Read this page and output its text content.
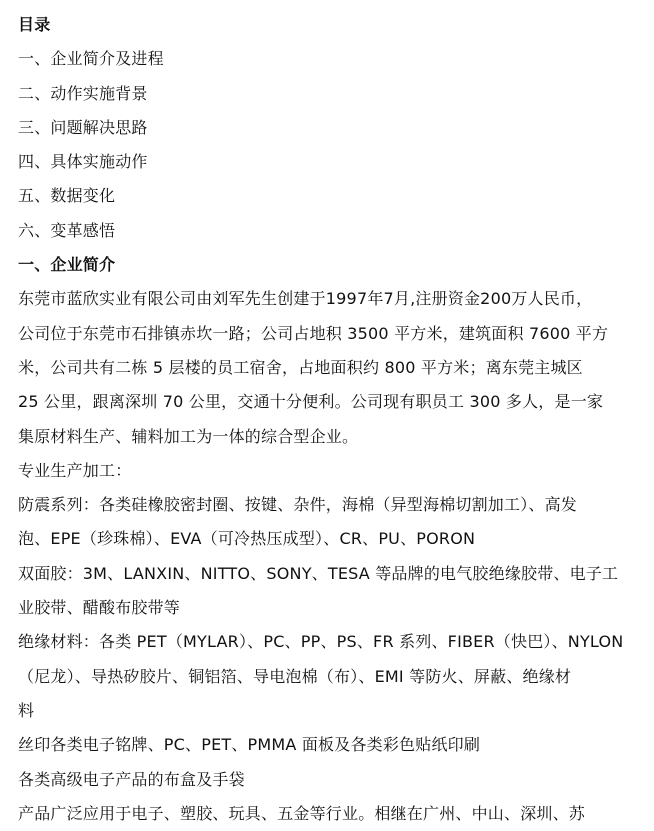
目录
一、企业简介及进程
二、动作实施背景
三、问题解决思路
四、具体实施动作
五、数据变化
六、变革感悟
一、企业简介
东莞市蓝欣实业有限公司由刘军先生创建于1997年7月,注册资金200万人民币，
公司位于东莞市石排镇赤坎一路；公司占地积 3500 平方米，建筑面积 7600 平方
米，公司共有二栋 5 层楼的员工宿舍，占地面积约 800 平方米；离东莞主城区
25 公里，跟离深圳 70 公里，交通十分便利。公司现有职员工 300 多人，是一家
集原材料生产、辅料加工为一体的综合型企业。
专业生产加工：
防震系列：各类硅橡胶密封圈、按键、杂件，海棉（异型海棉切割加工）、高发
泡、EPE（珍珠棉）、EVA（可冷热压成型）、CR、PU、PORON
双面胶：3M、LANXIN、NITTO、SONY、TESA 等品牌的电气胶绝缘胶带、电子工
业胶带、醋酸布胶带等
绝缘材料：各类 PET（MYLAR）、PC、PP、PS、FR 系列、FIBER（快巴）、NYLON
（尼龙）、导热矽胶片、铜铝箔、导电泡棉（布）、EMI 等防火、屏蔽、绝缘材
料
丝印各类电子铭牌、PC、PET、PMMA 面板及各类彩色贴纸印刷
各类高级电子产品的布盒及手袋
产品广泛应用于电子、塑胶、玩具、五金等行业。相继在广州、中山、深圳、苏
